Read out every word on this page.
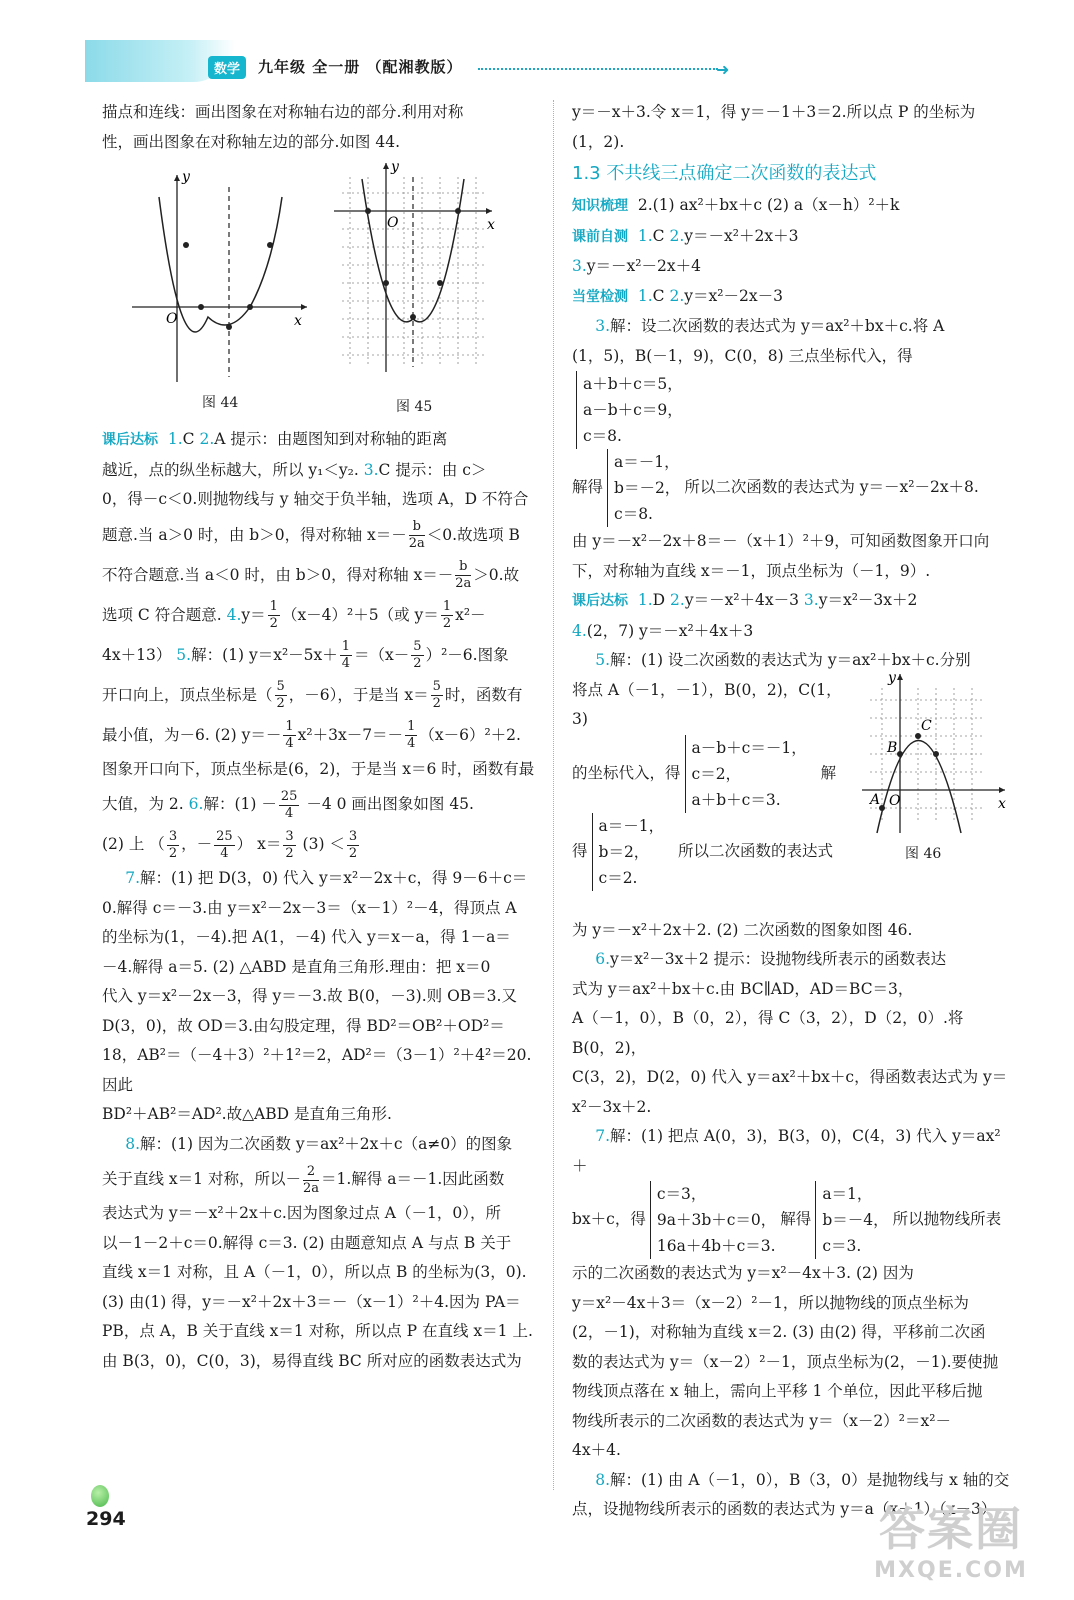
数学	九年级 全一册 （配湘教版）	➜

描点和连线：画出图象在对称轴右边的部分.利用对称

性，画出图象在对称轴左边的部分.如图 44.

y
x
O
图 44
y
x
O
图 45

课后达标 1.C 2.A 提示：由题图知到对称轴的距离

越近，点的纵坐标越大，所以 y₁＜y₂. 3.C 提示：由 c＞

0，得－c＜0.则抛物线与 y 轴交于负半轴，选项 A，D 不符合

题意.当 a＞0 时，由 b＞0，得对称轴 $x=- \frac{b}{2a} <0$.故选项 B

不符合题意.当 a＜0 时，由 b＞0，得对称轴 $x=- \frac{b}{2a} >0$.故

选项 C 符合题意. $4.y= \frac{1}{2} (x-4)^2+5$（或 $y= \frac{1}{2} x^2-$

4x＋13） 5.解：(1) $y=x^2-5x+ \frac{1}{4} =(x- \frac{5}{2} )^2-6$.图象

开口向上，顶点坐标是（ $\frac{5}{2}$ ，－6），于是当 $x= \frac{5}{2}$ 时，函数有

最小值，为－6. (2) $y=- \frac{1}{4} x^2+3x-7=- \frac{1}{4} (x-6)^2+2$.

图象开口向下，顶点坐标是(6，2)，于是当 x＝6 时，函数有最

大值，为 2. 6.解：$(1) - \frac{25}{4} -4$ 0 画出图象如图 45.

(2) 上 （ $\frac{3}{2}$ ，－ $\frac{25}{4}$ ） $x= \frac{3}{2} (3) < \frac{3}{2}$

7.解：(1) 把 D(3，0) 代入 y＝x²－2x＋c，得 9－6＋c＝

0.解得 c＝－3.由 y＝x²－2x－3＝（x－1）²－4，得顶点 A

的坐标为(1，－4).把 A(1，－4) 代入 y＝x－a，得 1－a＝

－4.解得 a＝5. (2) △ABD 是直角三角形.理由：把 x＝0

代入 y＝x²－2x－3，得 y＝－3.故 B(0，－3).则 OB＝3.又

D(3，0)，故 OD＝3.由勾股定理，得 BD²＝OB²＋OD²＝

18，AB²＝（－4＋3）²＋1²＝2，AD²＝（3－1）²＋4²＝20.因此

BD²＋AB²＝AD².故△ABD 是直角三角形.

8.解：(1) 因为二次函数 y＝ax²＋2x＋c（a≠0）的图象

关于直线 x＝1 对称，所以－ $\frac{2}{2a} =1$.解得 a＝－1.因此函数

表达式为 y＝－x²＋2x＋c.因为图象过点 A（－1，0），所

以－1－2＋c＝0.解得 c＝3. (2) 由题意知点 A 与点 B 关于

直线 x＝1 对称，且 A（－1，0），所以点 B 的坐标为(3，0).

(3) 由(1) 得，y＝－x²＋2x＋3＝－（x－1）²＋4.因为 PA＝

PB，点 A，B 关于直线 x＝1 对称，所以点 P 在直线 x＝1 上.

由 B(3，0)，C(0，3)，易得直线 BC 所对应的函数表达式为

y＝－x＋3.令 x＝1，得 y＝－1＋3＝2.所以点 P 的坐标为

(1，2).

1.3 不共线三点确定二次函数的表达式

知识梳理 2.(1) ax²＋bx＋c (2) a（x－h）²＋k

课前自测 1.C 2.y＝－x²＋2x＋3

3.y＝－x²－2x＋4

当堂检测 1.C 2.y＝x²－2x－3

3.解：设二次函数的表达式为 y＝ax²＋bx＋c.将 A

(1，5)，B(－1，9)，C(0，8) 三点坐标代入，得a＋b＋c＝5，
a－b＋c＝9，
c＝8.

解得a＝－1，
b＝－2，
c＝8.所以二次函数的表达式为 y＝－x²－2x＋8.

由 y＝－x²－2x＋8＝－（x＋1）²＋9，可知函数图象开口向

下，对称轴为直线 x＝－1，顶点坐标为（－1，9）.

课后达标 1.D 2.y＝－x²＋4x－3 3.y＝x²－3x＋2

4.(2，7) y＝－x²＋4x＋3

5.解：(1) 设二次函数的表达式为 y＝ax²＋bx＋c.分别

将点 A（－1，－1），B(0，2)，C(1，3)

的坐标代入，得a－b＋c＝－1，
c＝2，
a＋b＋c＝3.  解

得a＝－1，
b＝2，
c＝2.  所以二次函数的表达式

y
x
O
A
B
C
图 46

为 y＝－x²＋2x＋2. (2) 二次函数的图象如图 46.

6.y＝x²－3x＋2 提示：设抛物线所表示的函数表达

式为 y＝ax²＋bx＋c.由 BC∥AD，AD＝BC＝3，

A（－1，0），B（0，2），得 C（3，2），D（2，0）.将 B(0，2)，

C(3，2)，D(2，0) 代入 y＝ax²＋bx＋c，得函数表达式为 y＝

x²－3x＋2.

7.解：(1) 把点 A(0，3)，B(3，0)，C(4，3) 代入 y＝ax²＋

bx＋c，得c＝3，
9a＋3b＋c＝0，
16a＋4b＋c＝3.解得a＝1，
b＝－4，
c＝3.所以抛物线所表

示的二次函数的表达式为 y＝x²－4x＋3. (2) 因为

y＝x²－4x＋3＝（x－2）²－1，所以抛物线的顶点坐标为

(2，－1)，对称轴为直线 x＝2. (3) 由(2) 得，平移前二次函

数的表达式为 y＝（x－2）²－1，顶点坐标为(2，－1).要使抛

物线顶点落在 x 轴上，需向上平移 1 个单位，因此平移后抛

物线所表示的二次函数的表达式为 y＝（x－2）²＝x²－

4x＋4.

8.解：(1) 由 A（－1，0），B（3，0）是抛物线与 x 轴的交

点，设抛物线所表示的函数的表达式为 y＝a（x＋1）（x－3）.

294	答案圈
MXQE.COM
